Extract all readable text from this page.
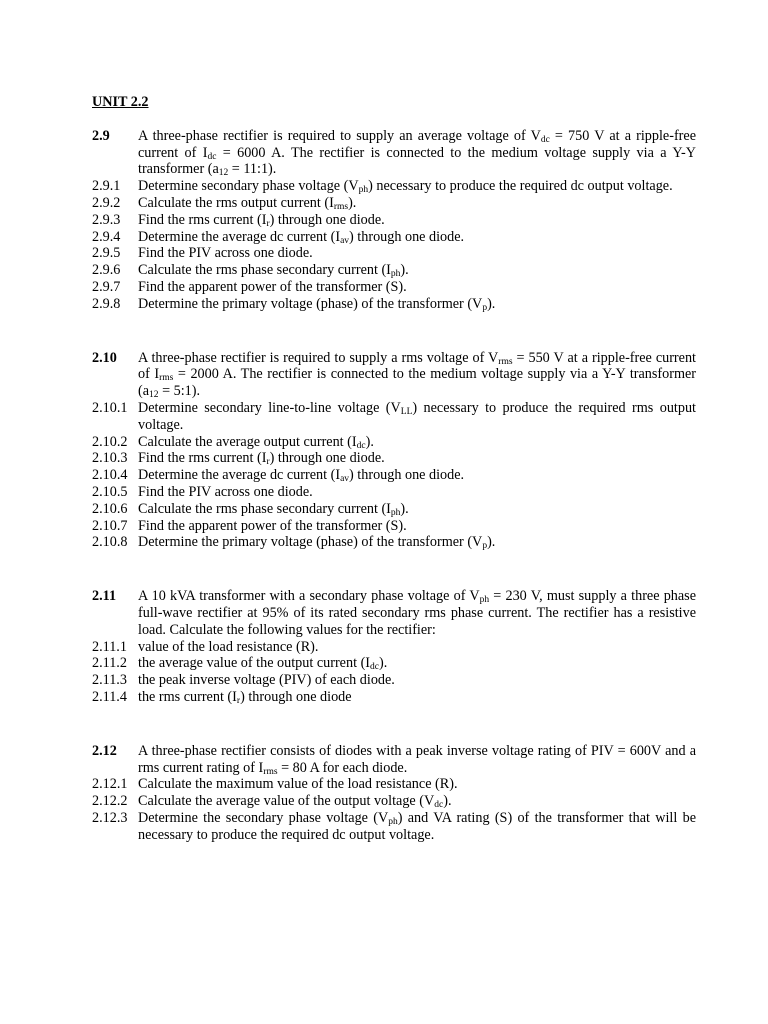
UNIT 2.2
2.9	A three-phase rectifier is required to supply an average voltage of $V_{dc} = 750$ V at a ripple-free current of $I_{dc} = 6000$ A. The rectifier is connected to the medium voltage supply via a Y-Y transformer ($a_{12}$ = 11:1).
2.9.1	Determine secondary phase voltage $(V_{ph})$ necessary to produce the required dc output voltage.
2.9.2	Calculate the rms output current $(I_{rms})$.
2.9.3	Find the rms current $(I_r)$ through one diode.
2.9.4	Determine the average dc current $(I_{av})$ through one diode.
2.9.5	Find the PIV across one diode.
2.9.6	Calculate the rms phase secondary current $(I_{ph})$.
2.9.7	Find the apparent power of the transformer (S).
2.9.8	Determine the primary voltage (phase) of the transformer $(V_p)$.
2.10	A three-phase rectifier is required to supply a rms voltage of $V_{rms} = 550$ V at a ripple-free current of $I_{rms} = 2000$ A. The rectifier is connected to the medium voltage supply via a Y-Y transformer ($a_{12}$ = 5:1).
2.10.1 Determine secondary line-to-line voltage $(V_{LL})$ necessary to produce the required rms output voltage.
2.10.2 Calculate the average output current $(I_{dc})$.
2.10.3 Find the rms current $(I_r)$ through one diode.
2.10.4 Determine the average dc current $(I_{av})$ through one diode.
2.10.5 Find the PIV across one diode.
2.10.6 Calculate the rms phase secondary current $(I_{ph})$.
2.10.7 Find the apparent power of the transformer (S).
2.10.8 Determine the primary voltage (phase) of the transformer $(V_p)$.
2.11	A 10 kVA transformer with a secondary phase voltage of $V_{ph} = 230$ V, must supply a three phase full-wave rectifier at 95% of its rated secondary rms phase current. The rectifier has a resistive load. Calculate the following values for the rectifier:
2.11.1 value of the load resistance (R).
2.11.2 the average value of the output current $(I_{dc})$.
2.11.3 the peak inverse voltage (PIV) of each diode.
2.11.4 the rms current $(I_r)$ through one diode
2.12	A three-phase rectifier consists of diodes with a peak inverse voltage rating of PIV = 600V and a rms current rating of $I_{rms} = 80$ A for each diode.
2.12.1 Calculate the maximum value of the load resistance (R).
2.12.2 Calculate the average value of the output voltage $(V_{dc})$.
2.12.3 Determine the secondary phase voltage $(V_{ph})$ and VA rating (S) of the transformer that will be necessary to produce the required dc output voltage.
